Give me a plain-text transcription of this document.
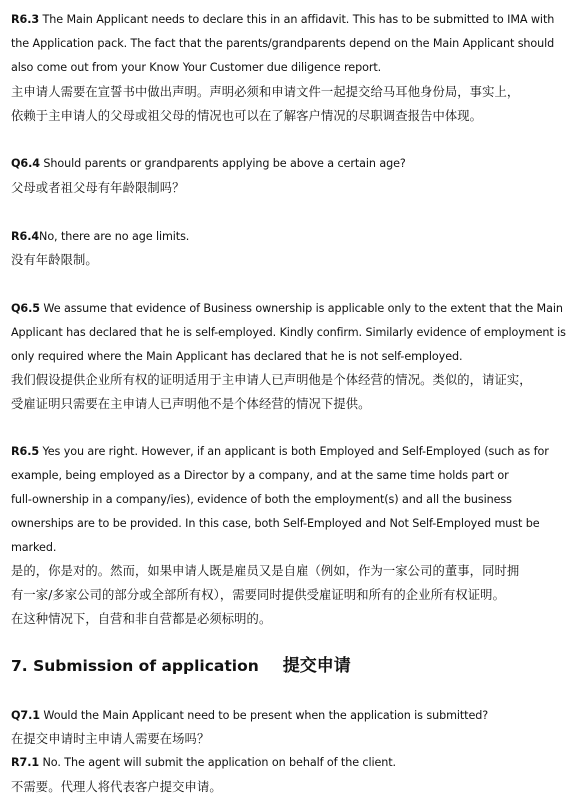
R6.3 The Main Applicant needs to declare this in an affidavit. This has to be submitted to IMA with
the Application pack. The fact that the parents/grandparents depend on the Main Applicant should
also come out from your Know Your Customer due diligence report.
主申请人需要在宣誓书中做出声明。声明必须和申请文件一起提交给马耳他身份局，事实上，
依赖于主申请人的父母或祖父母的情况也可以在了解客户情况的尽职调查报告中体现。
Q6.4 Should parents or grandparents applying be above a certain age?
父母或者祖父母有年龄限制吗？
R6.4No, there are no age limits.
没有年龄限制。
Q6.5 We assume that evidence of Business ownership is applicable only to the extent that the Main
Applicant has declared that he is self-employed. Kindly confirm. Similarly evidence of employment is
only required where the Main Applicant has declared that he is not self-employed.
我们假设提供企业所有权的证明适用于主申请人已声明他是个体经营的情况。类似的，请证实，
受雇证明只需要在主申请人已声明他不是个体经营的情况下提供。
R6.5 Yes you are right. However, if an applicant is both Employed and Self-Employed (such as for
example, being employed as a Director by a company, and at the same time holds part or
full-ownership in a company/ies), evidence of both the employment(s) and all the business
ownerships are to be provided. In this case, both Self-Employed and Not Self-Employed must be
marked.
是的，你是对的。然而，如果申请人既是雇员又是自雇（例如，作为一家公司的董事，同时拥
有一家/多家公司的部分或全部所有权），需要同时提供受雇证明和所有的企业所有权证明。
在这种情况下，自营和非自营都是必须标明的。
7. Submission of application 提交申请
Q7.1 Would the Main Applicant need to be present when the application is submitted?
在提交申请时主申请人需要在场吗？
R7.1 No. The agent will submit the application on behalf of the client.
不需要。代理人将代表客户提交申请。
